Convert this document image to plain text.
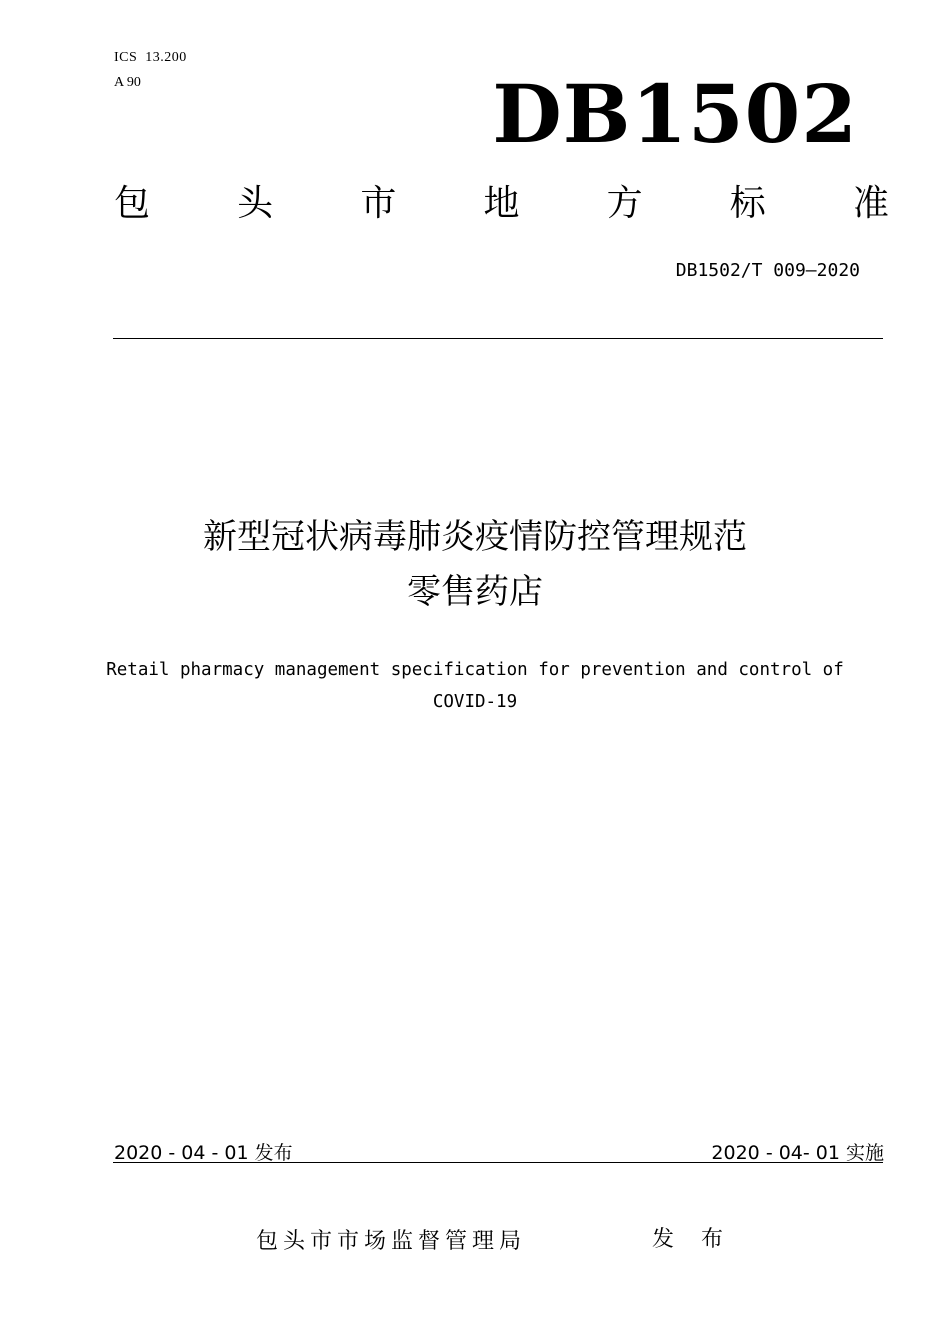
ICS  13.200
A 90	DB1502
包 头 市 地 方 标 准
DB1502/T 009—2020
新型冠状病毒肺炎疫情防控管理规范
零售药店
Retail pharmacy management specification for prevention and control of
COVID-19
2020 - 04 - 01 发布	2020 - 04- 01 实施
包头市市场监督管理局	发 布
